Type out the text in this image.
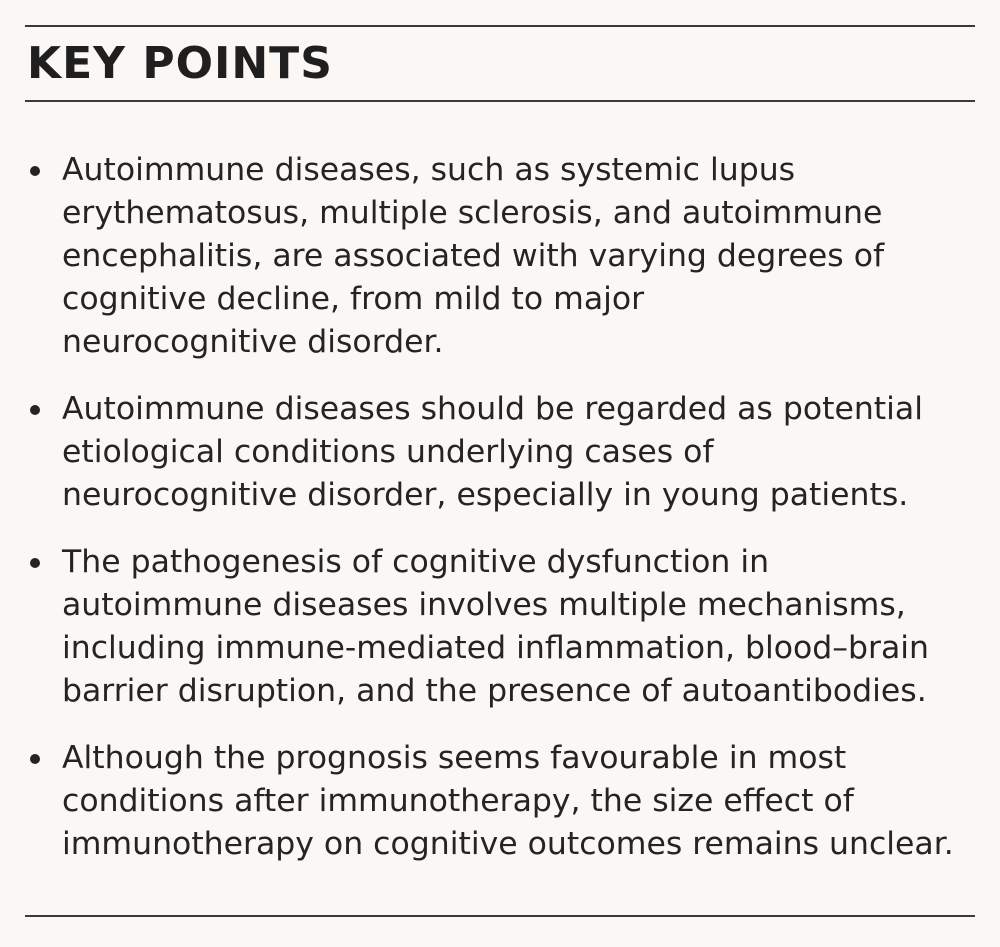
KEY POINTS
Autoimmune diseases, such as systemic lupus
erythematosus, multiple sclerosis, and autoimmune
encephalitis, are associated with varying degrees of
cognitive decline, from mild to major
neurocognitive disorder.
Autoimmune diseases should be regarded as potential
etiological conditions underlying cases of
neurocognitive disorder, especially in young patients.
The pathogenesis of cognitive dysfunction in
autoimmune diseases involves multiple mechanisms,
including immune-mediated inflammation, blood–brain
barrier disruption, and the presence of autoantibodies.
Although the prognosis seems favourable in most
conditions after immunotherapy, the size effect of
immunotherapy on cognitive outcomes remains unclear.
